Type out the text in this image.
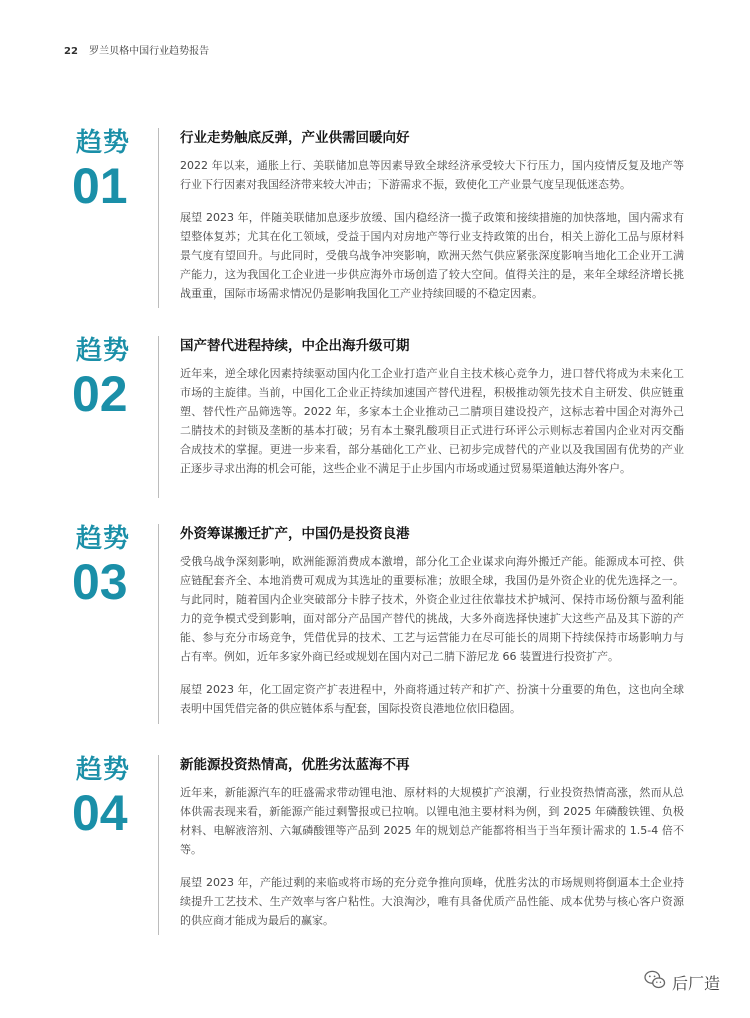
22 罗兰贝格中国行业趋势报告
趋势
01
行业走势触底反弹，产业供需回暖向好

2022 年以来，通胀上行、美联储加息等因素导致全球经济承受较大下行压力，国内疫情反复及地产等行业下行因素对我国经济带来较大冲击；下游需求不振，致使化工产业景气度呈现低迷态势。

展望 2023 年，伴随美联储加息逐步放缓、国内稳经济一揽子政策和接续措施的加快落地，国内需求有望整体复苏；尤其在化工领域，受益于国内对房地产等行业支持政策的出台，相关上游化工品与原材料景气度有望回升。与此同时，受俄乌战争冲突影响，欧洲天然气供应紧张深度影响当地化工企业开工满产能力，这为我国化工企业进一步供应海外市场创造了较大空间。值得关注的是，来年全球经济增长挑战重重，国际市场需求情况仍是影响我国化工产业持续回暖的不稳定因素。

趋势
02
国产替代进程持续，中企出海升级可期

近年来，逆全球化因素持续驱动国内化工企业打造产业自主技术核心竞争力，进口替代将成为未来化工市场的主旋律。当前，中国化工企业正持续加速国产替代进程，积极推动领先技术自主研发、供应链重塑、替代性产品筛选等。2022 年，多家本土企业推动己二腈项目建设投产，这标志着中国企对海外己二腈技术的封锁及垄断的基本打破；另有本土聚乳酸项目正式进行环评公示则标志着国内企业对丙交酯合成技术的掌握。更进一步来看，部分基础化工产业、已初步完成替代的产业以及我国固有优势的产业正逐步寻求出海的机会可能，这些企业不满足于止步国内市场或通过贸易渠道触达海外客户。

趋势
03
外资筹谋搬迁扩产，中国仍是投资良港

受俄乌战争深刻影响，欧洲能源消费成本激增，部分化工企业谋求向海外搬迁产能。能源成本可控、供应链配套齐全、本地消费可观成为其选址的重要标准；放眼全球，我国仍是外资企业的优先选择之一。与此同时，随着国内企业突破部分卡脖子技术，外资企业过往依靠技术护城河、保持市场份额与盈利能力的竞争模式受到影响，面对部分产品国产替代的挑战，大多外商选择快速扩大这些产品及其下游的产能、参与充分市场竞争，凭借优异的技术、工艺与运营能力在尽可能长的周期下持续保持市场影响力与占有率。例如，近年多家外商已经或规划在国内对己二腈下游尼龙 66 装置进行投资扩产。

展望 2023 年，化工固定资产扩表进程中，外商将通过转产和扩产、扮演十分重要的角色，这也向全球表明中国凭借完备的供应链体系与配套，国际投资良港地位依旧稳固。

趋势
04
新能源投资热情高，优胜劣汰蓝海不再

近年来，新能源汽车的旺盛需求带动锂电池、原材料的大规模扩产浪潮，行业投资热情高涨，然而从总体供需表现来看，新能源产能过剩警报或已拉响。以锂电池主要材料为例，到 2025 年磷酸铁锂、负极材料、电解液溶剂、六氟磷酸锂等产品到 2025 年的规划总产能都将相当于当年预计需求的 1.5-4 倍不等。

展望 2023 年，产能过剩的来临或将市场的充分竞争推向顶峰，优胜劣汰的市场规则将倒逼本土企业持续提升工艺技术、生产效率与客户粘性。大浪淘沙，唯有具备优质产品性能、成本优势与核心客户资源的供应商才能成为最后的赢家。

后厂造
